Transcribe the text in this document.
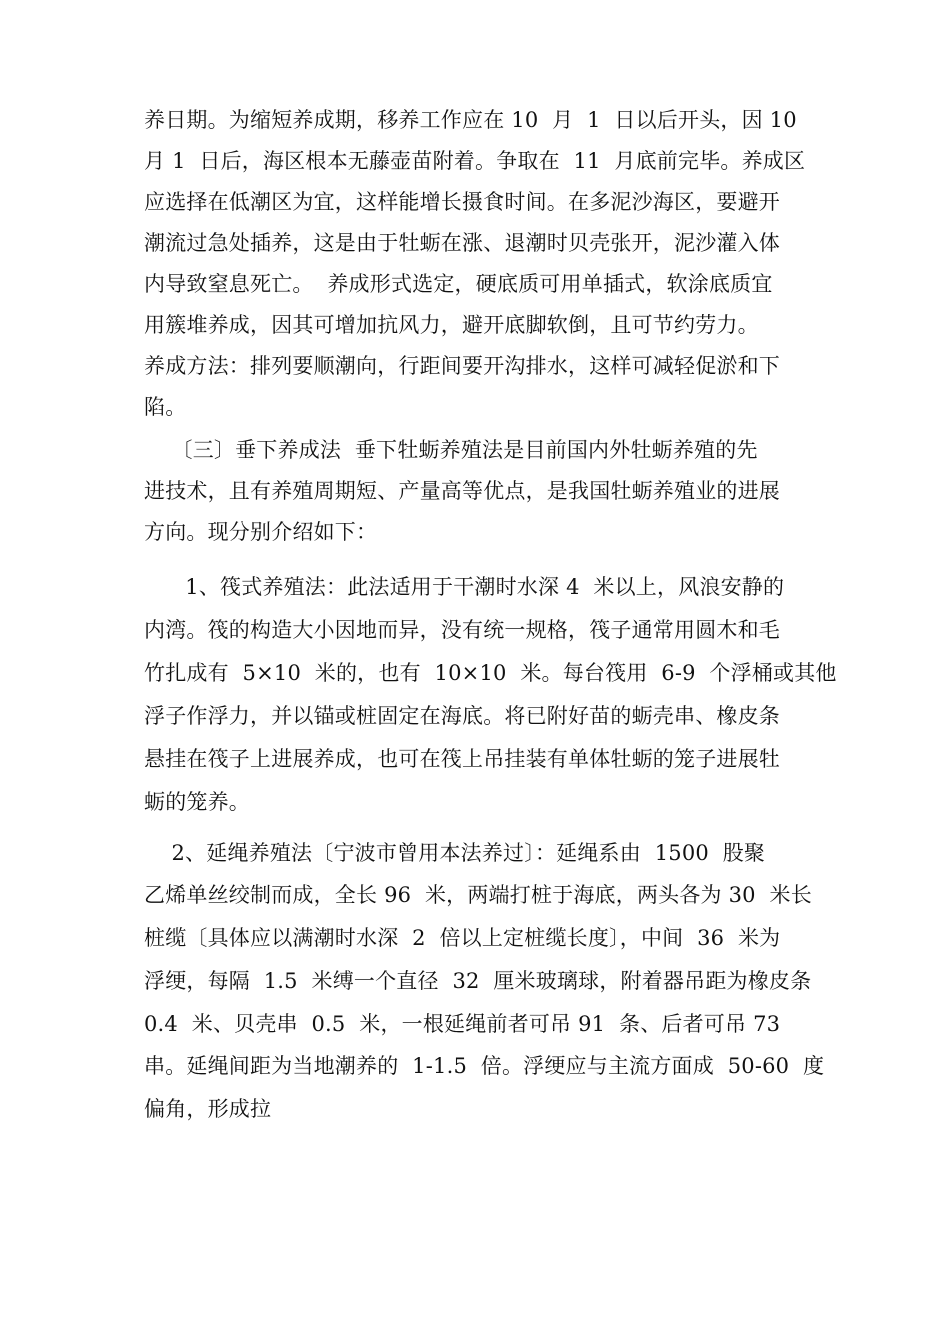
养日期。为缩短养成期，移养工作应在 10  月  1  日以后开头，因 10
月 1  日后，海区根本无藤壶苗附着。争取在  11  月底前完毕。养成区
应选择在低潮区为宜，这样能增长摄食时间。在多泥沙海区，要避开
潮流过急处插养，这是由于牡蛎在涨、退潮时贝壳张开，泥沙灌入体
内导致窒息死亡。  养成形式选定，硬底质可用单插式，软涂底质宜
用簇堆养成，因其可增加抗风力，避开底脚软倒，且可节约劳力。
养成方法：排列要顺潮向，行距间要开沟排水，这样可减轻促淤和下
陷。
〔三〕垂下养成法  垂下牡蛎养殖法是目前国内外牡蛎养殖的先
进技术，且有养殖周期短、产量高等优点，是我国牡蛎养殖业的进展
方向。现分别介绍如下：
1、筏式养殖法：此法适用于干潮时水深 4  米以上，风浪安静的
内湾。筏的构造大小因地而异，没有统一规格，筏子通常用圆木和毛
竹扎成有  5×10  米的，也有  10×10  米。每台筏用  6-9  个浮桶或其他
浮子作浮力，并以锚或桩固定在海底。将已附好苗的蛎壳串、橡皮条
悬挂在筏子上进展养成，也可在筏上吊挂装有单体牡蛎的笼子进展牡
蛎的笼养。
2、延绳养殖法〔宁波市曾用本法养过〕：延绳系由  1500  股聚
乙烯单丝绞制而成，全长 96  米，两端打桩于海底，两头各为 30  米长
桩缆〔具体应以满潮时水深  2  倍以上定桩缆长度〕，中间  36  米为
浮绠，每隔  1.5  米缚一个直径  32  厘米玻璃球，附着器吊距为橡皮条
0.4  米、贝壳串  0.5  米，一根延绳前者可吊 91  条、后者可吊 73
串。延绳间距为当地潮养的  1-1.5  倍。浮绠应与主流方面成  50-60  度
偏角，形成拉
